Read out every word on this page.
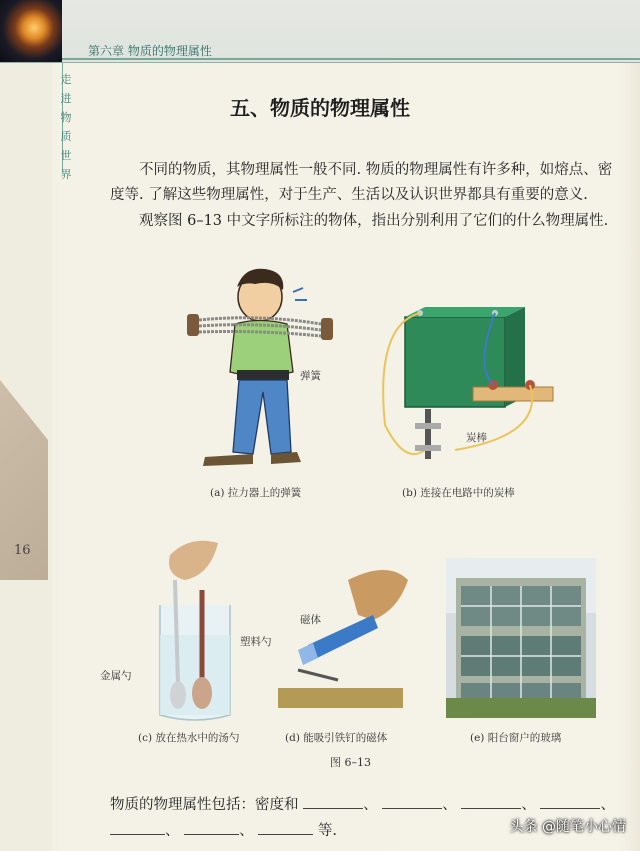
第六章 物质的物理属性
走进物质世界
16
五、物质的物理属性
不同的物质，其物理属性一般不同. 物质的物理属性有许多种，如熔点、密度等. 了解这些物理属性，对于生产、生活以及认识世界都具有重要的意义.
观察图 6–13 中文字所标注的物体，指出分别利用了它们的什么物理属性.
弹簧
(a) 拉力器上的弹簧
炭棒
(b) 连接在电路中的炭棒
塑料勺
金属勺
(c) 放在热水中的汤勺
磁体
(d) 能吸引铁钉的磁体	(e) 阳台窗户的玻璃
图 6–13
物质的物理属性包括：密度和	、	、	、	、
、	、	等.	头条 @随笔小心情
